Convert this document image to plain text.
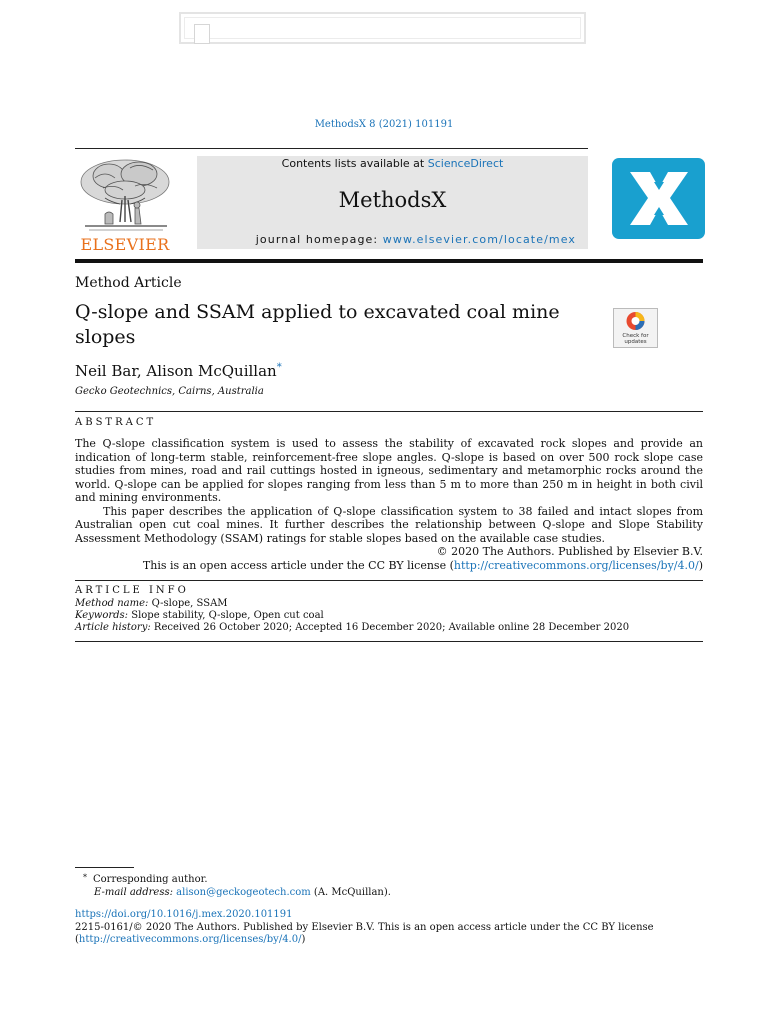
MethodsX 8 (2021) 101191
ELSEVIER
Contents lists available at ScienceDirect
MethodsX
journal homepage: www.elsevier.com/locate/mex
Method Article
Q-slope and SSAM applied to excavated coal mine slopes	Check for updates
Neil Bar, Alison McQuillan*
Gecko Geotechnics, Cairns, Australia
ABSTRACT

The Q-slope classification system is used to assess the stability of excavated rock slopes and provide an indication of long-term stable, reinforcement-free slope angles. Q-slope is based on over 500 rock slope case studies from mines, road and rail cuttings hosted in igneous, sedimentary and metamorphic rocks around the world. Q-slope can be applied for slopes ranging from less than 5 m to more than 250 m in height in both civil and mining environments.

This paper describes the application of Q-slope classification system to 38 failed and intact slopes from Australian open cut coal mines. It further describes the relationship between Q-slope and Slope Stability Assessment Methodology (SSAM) ratings for stable slopes based on the available case studies.

© 2020 The Authors. Published by Elsevier B.V.

This is an open access article under the CC BY license (http://creativecommons.org/licenses/by/4.0/)

ARTICLE INFO
Method name: Q-slope, SSAM
Keywords: Slope stability, Q-slope, Open cut coal
Article history: Received 26 October 2020; Accepted 16 December 2020; Available online 28 December 2020
* Corresponding author.
E-mail address: alison@geckogeotech.com (A. McQuillan).
https://doi.org/10.1016/j.mex.2020.101191
2215-0161/© 2020 The Authors. Published by Elsevier B.V. This is an open access article under the CC BY license
(http://creativecommons.org/licenses/by/4.0/)
